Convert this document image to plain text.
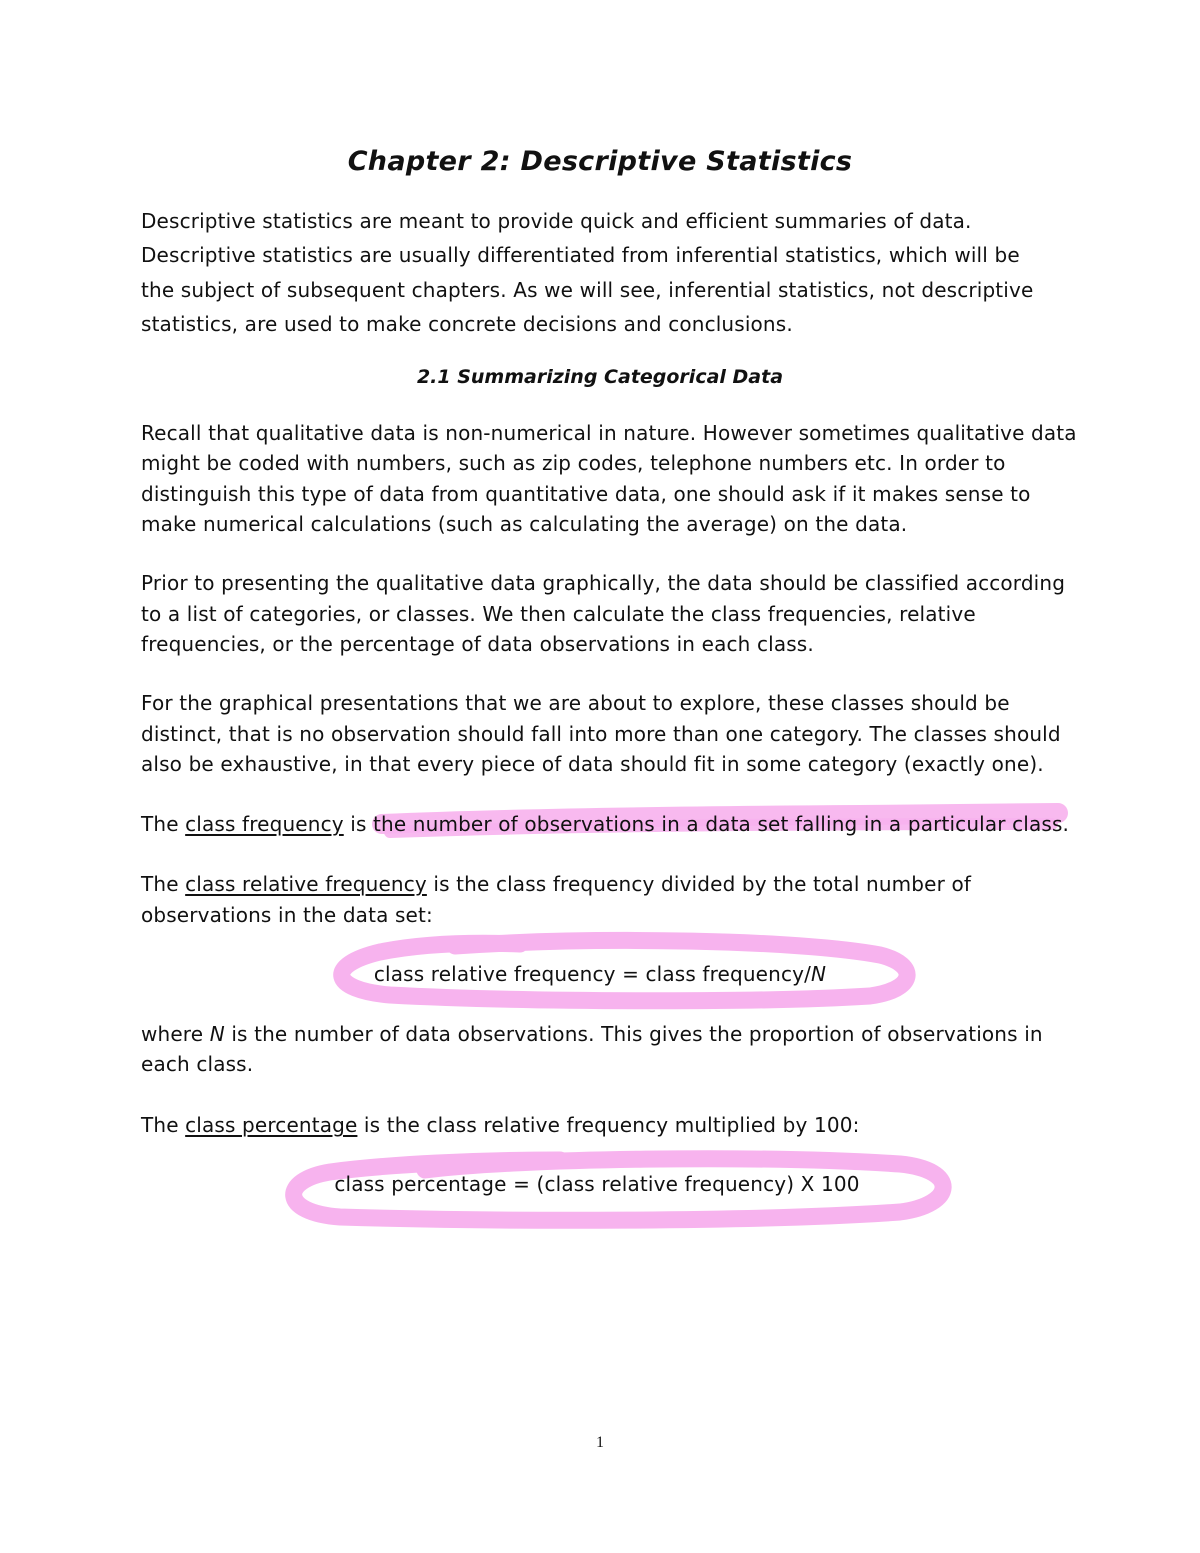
Chapter 2: Descriptive Statistics
Descriptive statistics are meant to provide quick and efficient summaries of data.
Descriptive statistics are usually differentiated from inferential statistics, which will be
the subject of subsequent chapters. As we will see, inferential statistics, not descriptive
statistics, are used to make concrete decisions and conclusions.
2.1 Summarizing Categorical Data
Recall that qualitative data is non-numerical in nature. However sometimes qualitative data
might be coded with numbers, such as zip codes, telephone numbers etc. In order to
distinguish this type of data from quantitative data, one should ask if it makes sense to
make numerical calculations (such as calculating the average) on the data.
Prior to presenting the qualitative data graphically, the data should be classified according
to a list of categories, or classes. We then calculate the class frequencies, relative
frequencies, or the percentage of data observations in each class.
For the graphical presentations that we are about to explore, these classes should be
distinct, that is no observation should fall into more than one category. The classes should
also be exhaustive, in that every piece of data should fit in some category (exactly one).
The class frequency is the number of observations in a data set falling in a particular class.
The class relative frequency is the class frequency divided by the total number of
observations in the data set:
class relative frequency = class frequency/N
where N is the number of data observations. This gives the proportion of observations in
each class.
The class percentage is the class relative frequency multiplied by 100:
class percentage = (class relative frequency) X 100
1
